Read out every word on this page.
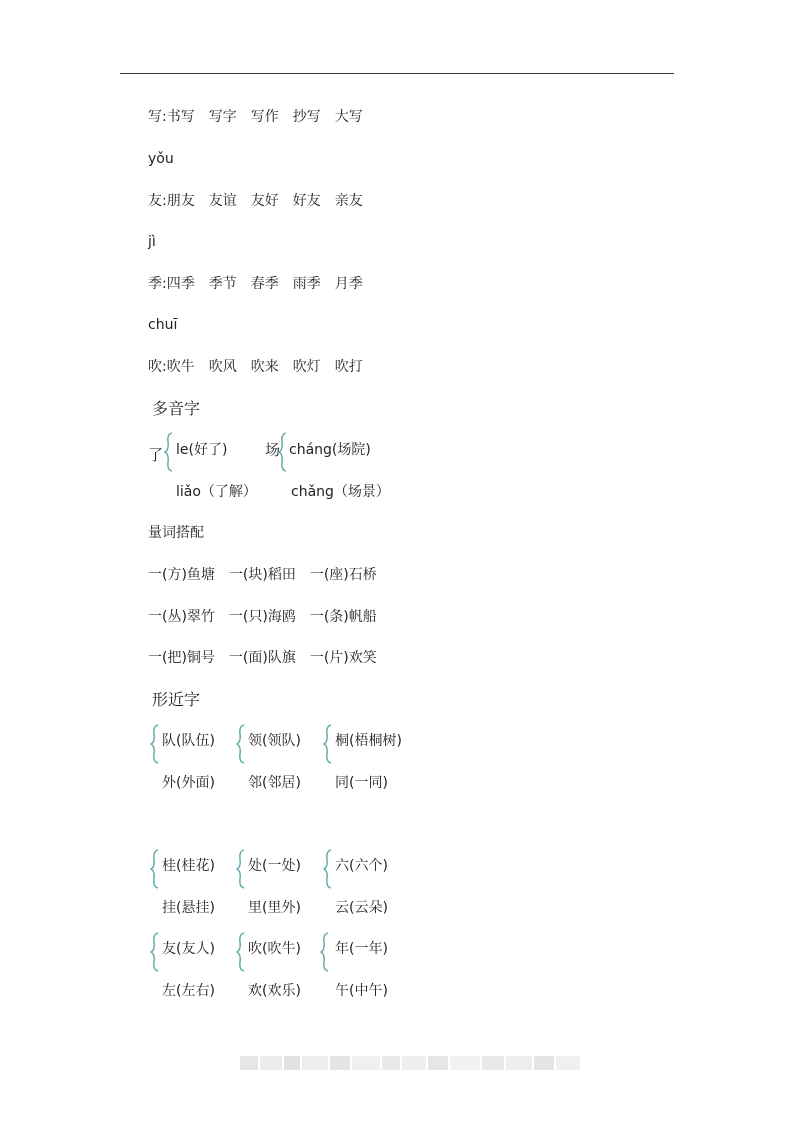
写:书写　写字　写作　抄写　大写
yǒu
友:朋友　友谊　友好　好友　亲友
jì
季:四季　季节　春季　雨季　月季
chuī
吹:吹牛　吹风　吹来　吹灯　吹打
多音字
了 le(好了)
liǎo（了解）
场 cháng(场院)
chǎng（场景）
量词搭配
一(方)鱼塘　一(块)稻田　一(座)石桥
一(丛)翠竹　一(只)海鸥　一(条)帆船
一(把)铜号　一(面)队旗　一(片)欢笑
形近字
队(队伍)
外(外面)
领(领队)
邻(邻居)
桐(梧桐树)
同(一同)
桂(桂花)
挂(悬挂)
处(一处)
里(里外)
六(六个)
云(云朵)
友(友人)
左(左右)
吹(吹牛)
欢(欢乐)
年(一年)
午(中午)
